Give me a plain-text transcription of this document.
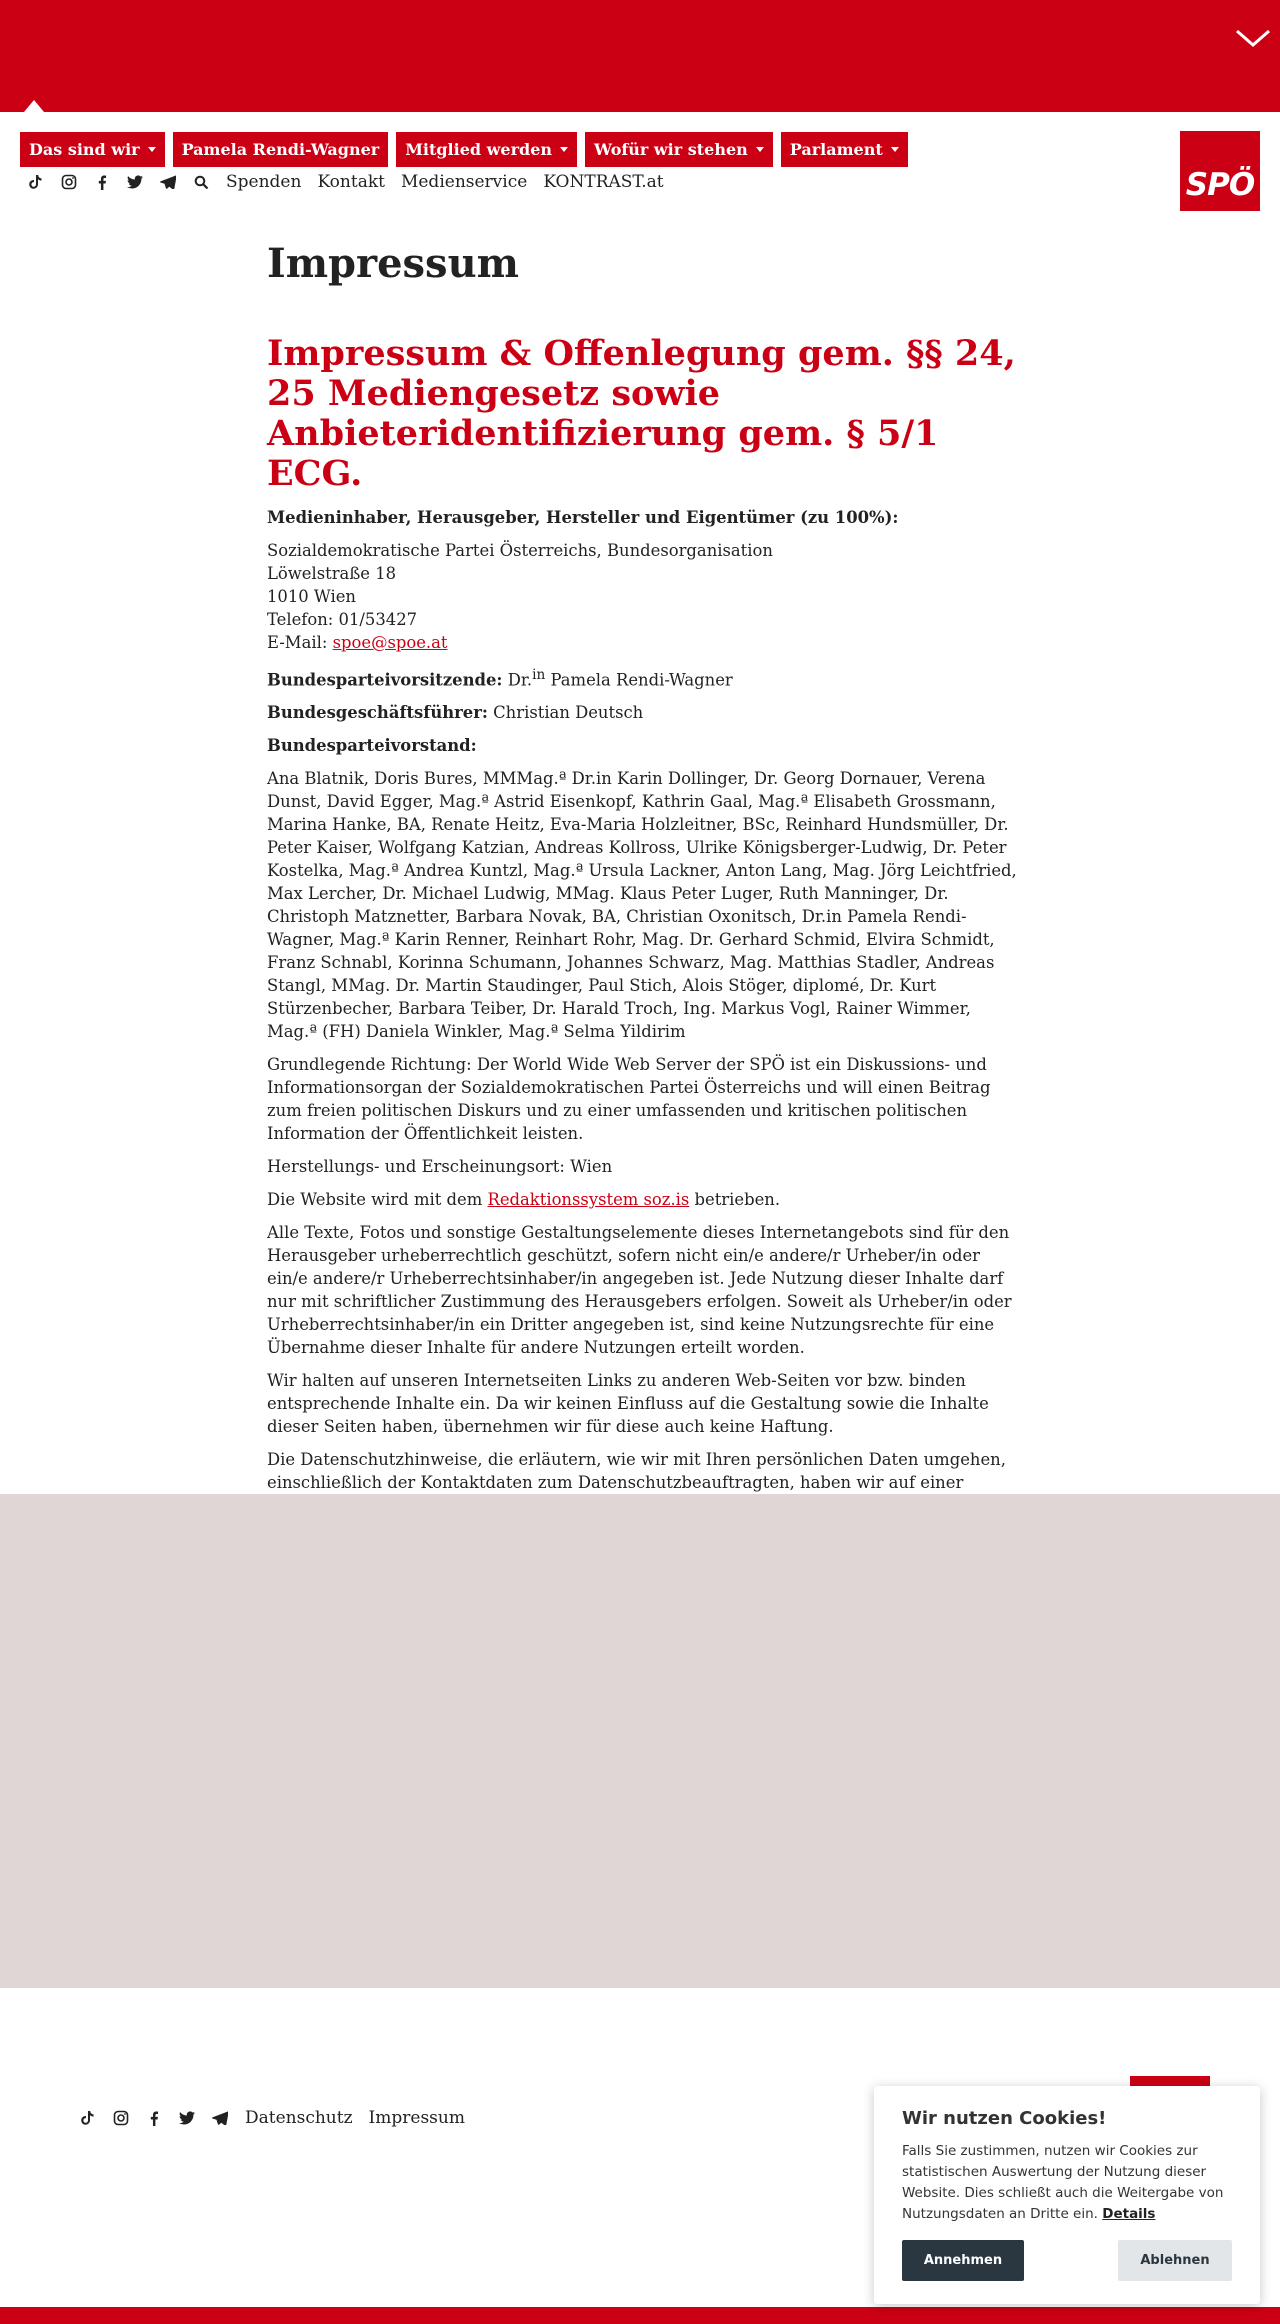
Das sind wir	Pamela Rendi-Wagner Mitglied werden	Wofür wir stehen	Parlament
Spenden Kontakt Medienservice KONTRAST.at	SPÖ
Impressum
Impressum & Offenlegung gem. §§ 24, 25 Mediengesetz sowie Anbieteridentifizierung gem. § 5/1 ECG.

Medieninhaber, Herausgeber, Hersteller und Eigentümer (zu 100%):

Sozialdemokratische Partei Österreichs, Bundesorganisation
Löwelstraße 18
1010 Wien
Telefon: 01/53427
E-Mail: spoe@spoe.at

Bundesparteivorsitzende: Dr.$^{in}$ Pamela Rendi-Wagner

Bundesgeschäftsführer: Christian Deutsch

Bundesparteivorstand:

Ana Blatnik, Doris Bures, MMMag.ª Dr.in Karin Dollinger, Dr. Georg Dornauer, Verena Dunst, David Egger, Mag.ª Astrid Eisenkopf, Kathrin Gaal, Mag.ª Elisabeth Grossmann, Marina Hanke, BA, Renate Heitz, Eva-Maria Holzleitner, BSc, Reinhard Hundsmüller, Dr. Peter Kaiser, Wolfgang Katzian, Andreas Kollross, Ulrike Königsberger-Ludwig, Dr. Peter Kostelka, Mag.ª Andrea Kuntzl, Mag.ª Ursula Lackner, Anton Lang, Mag. Jörg Leichtfried, Max Lercher, Dr. Michael Ludwig, MMag. Klaus Peter Luger, Ruth Manninger, Dr. Christoph Matznetter, Barbara Novak, BA, Christian Oxonitsch, Dr.in Pamela Rendi-Wagner, Mag.ª Karin Renner, Reinhart Rohr, Mag. Dr. Gerhard Schmid, Elvira Schmidt, Franz Schnabl, Korinna Schumann, Johannes Schwarz, Mag. Matthias Stadler, Andreas Stangl, MMag. Dr. Martin Staudinger, Paul Stich, Alois Stöger, diplomé, Dr. Kurt Stürzenbecher, Barbara Teiber, Dr. Harald Troch, Ing. Markus Vogl, Rainer Wimmer, Mag.ª (FH) Daniela Winkler, Mag.ª Selma Yildirim

Grundlegende Richtung: Der World Wide Web Server der SPÖ ist ein Diskussions- und Informationsorgan der Sozialdemokratischen Partei Österreichs und will einen Beitrag zum freien politischen Diskurs und zu einer umfassenden und kritischen politischen Information der Öffentlichkeit leisten.

Herstellungs- und Erscheinungsort: Wien

Die Website wird mit dem Redaktionssystem soz.is betrieben.

Alle Texte, Fotos und sonstige Gestaltungselemente dieses Internetangebots sind für den Herausgeber urheberrechtlich geschützt, sofern nicht ein/e andere/r Urheber/in oder ein/e andere/r Urheberrechtsinhaber/in angegeben ist. Jede Nutzung dieser Inhalte darf nur mit schriftlicher Zustimmung des Herausgebers erfolgen. Soweit als Urheber/in oder Urheberrechtsinhaber/in ein Dritter angegeben ist, sind keine Nutzungsrechte für eine Übernahme dieser Inhalte für andere Nutzungen erteilt worden.

Wir halten auf unseren Internetseiten Links zu anderen Web-Seiten vor bzw. binden entsprechende Inhalte ein. Da wir keinen Einfluss auf die Gestaltung sowie die Inhalte dieser Seiten haben, übernehmen wir für diese auch keine Haftung.

Die Datenschutzhinweise, die erläutern, wie wir mit Ihren persönlichen Daten umgehen, einschließlich der Kontaktdaten zum Datenschutzbeauftragten, haben wir auf einer

Datenschutz Impressum	Wir nutzen Cookies!

Falls Sie zustimmen, nutzen wir Cookies zur statistischen Auswertung der Nutzung dieser Website. Dies schließt auch die Weitergabe von Nutzungsdaten an Dritte ein. Details

Annehmen	Ablehnen
